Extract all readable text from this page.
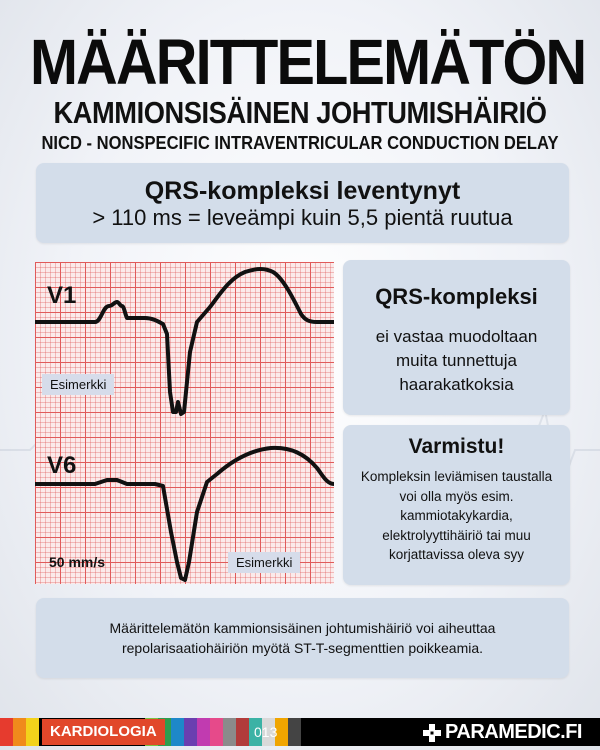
MÄÄRITTELEMÄTÖN
KAMMIONSISÄINEN JOHTUMISHÄIRIÖ
NICD - NONSPECIFIC INTRAVENTRICULAR CONDUCTION DELAY
QRS-kompleksi leventynyt
> 110 ms = leveämpi kuin 5,5 pientä ruutua
V1
V6
Esimerkki
Esimerkki
50 mm/s
QRS-kompleksi
ei vastaa muodoltaan muita tunnettuja haarakatkoksia
Varmistu!
Kompleksin leviämisen taustalla voi olla myös esim. kammiotakykardia, elektrolyyttihäiriö tai muu korjattavissa oleva syy
Määrittelemätön kammionsisäinen johtumishäiriö voi aiheuttaa repolarisaatiohäiriön myötä ST-T-segmenttien poikkeamia.
KARDIOLOGIA	013	PARAMEDIC.FI
